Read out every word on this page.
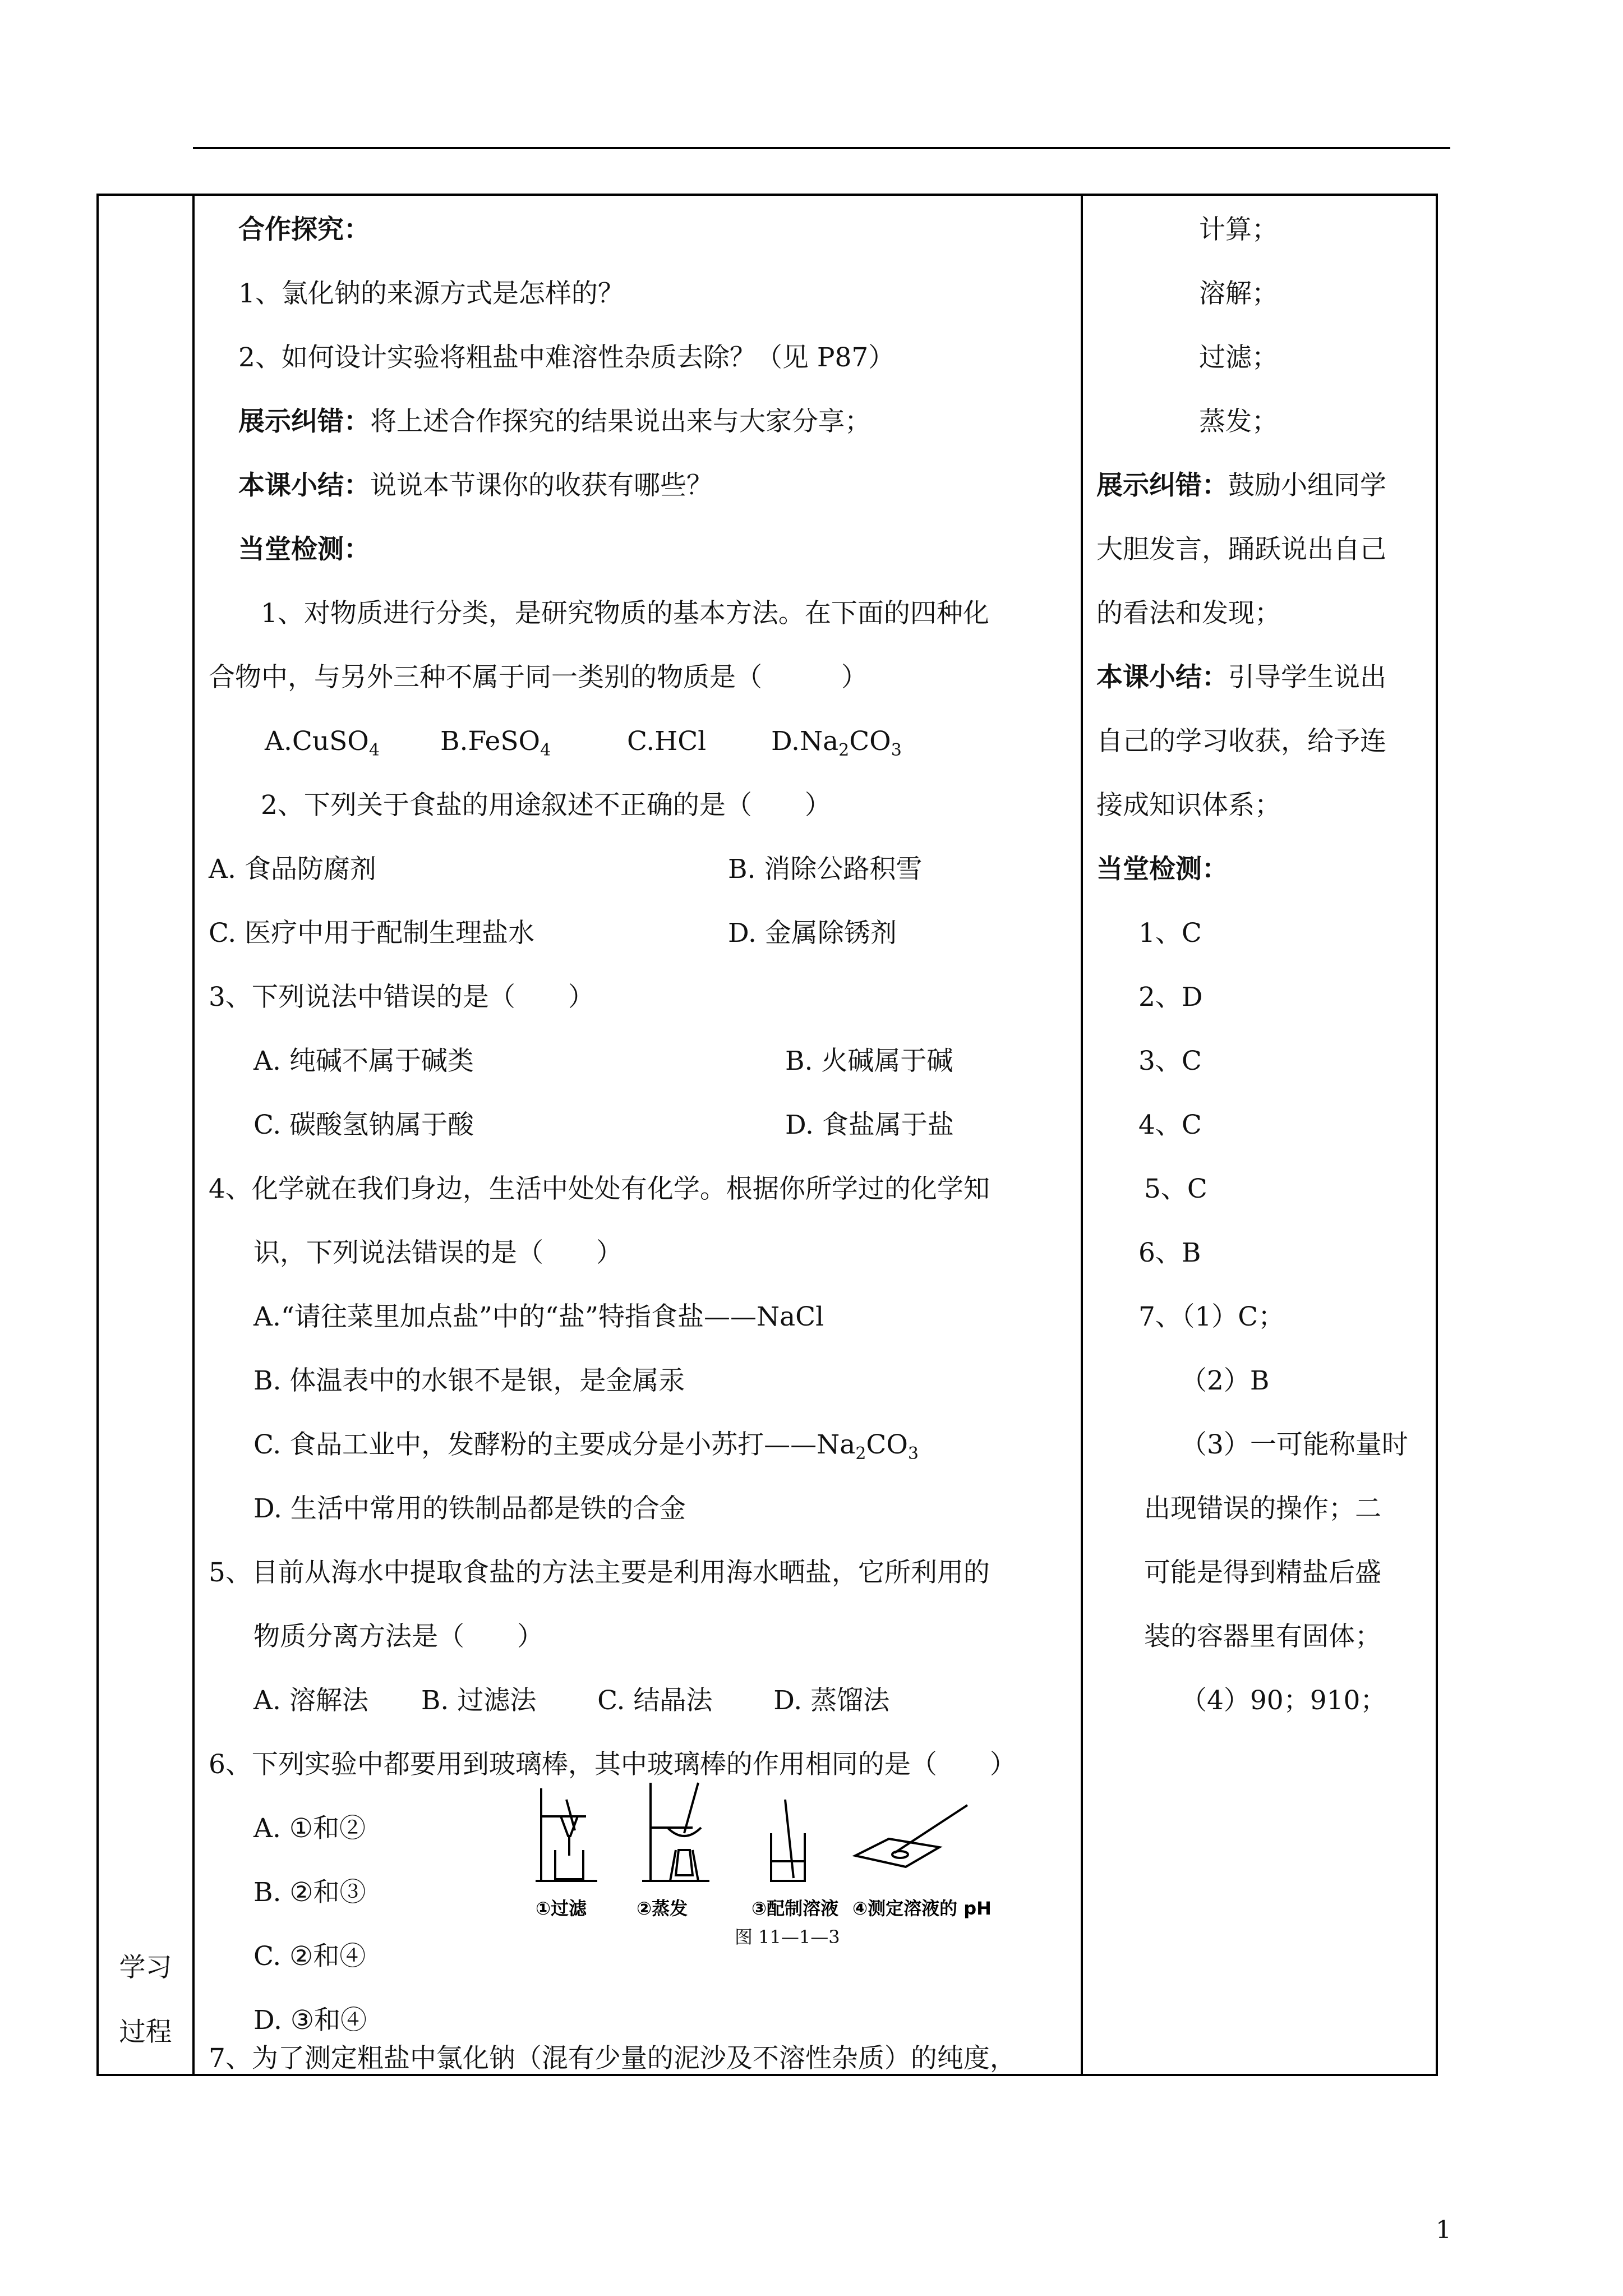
学习
过程
合作探究：
1、氯化钠的来源方式是怎样的？
2、如何设计实验将粗盐中难溶性杂质去除？（见 P87）
展示纠错：将上述合作探究的结果说出来与大家分享；
本课小结：说说本节课你的收获有哪些？
当堂检测：
1、对物质进行分类，是研究物质的基本方法。在下面的四种化
合物中，与另外三种不属于同一类别的物质是（　　　）
A.CuSO$_4$ B.FeSO$_4$	C.HCl $D.Na_2CO_3$
2、下列关于食盐的用途叙述不正确的是（　　）
A. 食品防腐剂	B. 消除公路积雪
C. 医疗中用于配制生理盐水	D. 金属除锈剂
3、下列说法中错误的是（　　）
A. 纯碱不属于碱类	B. 火碱属于碱
C. 碳酸氢钠属于酸	D. 食盐属于盐
4、化学就在我们身边，生活中处处有化学。根据你所学过的化学知
识，下列说法错误的是（　　）
A.“请往菜里加点盐”中的“盐”特指食盐——NaCl
B. 体温表中的水银不是银，是金属汞
C. 食品工业中，发酵粉的主要成分是小苏打$——Na_2CO_3$
D. 生活中常用的铁制品都是铁的合金
5、目前从海水中提取食盐的方法主要是利用海水晒盐，它所利用的
物质分离方法是（　　）
A. 溶解法　　B. 过滤法　　 C. 结晶法　　 D. 蒸馏法
6、下列实验中都要用到玻璃棒，其中玻璃棒的作用相同的是（　　）
A. ①和②
B. ②和③
C. ②和④
D. ③和④
7、为了测定粗盐中氯化钠（混有少量的泥沙及不溶性杂质）的纯度，
①过滤	②蒸发	③配制溶液 ④测定溶液的 pH
图 11—1—3
计算；
溶解；
过滤；
蒸发；
展示纠错：鼓励小组同学
大胆发言，踊跃说出自己
的看法和发现；
本课小结：引导学生说出
自己的学习收获，给予连
接成知识体系；
当堂检测：
1、C
2、D
3、C
4、C
5、C
6、B
7、（1）C；
（2）B
（3）一可能称量时
出现错误的操作；二
可能是得到精盐后盛
装的容器里有固体；
（4）90；910；
1
